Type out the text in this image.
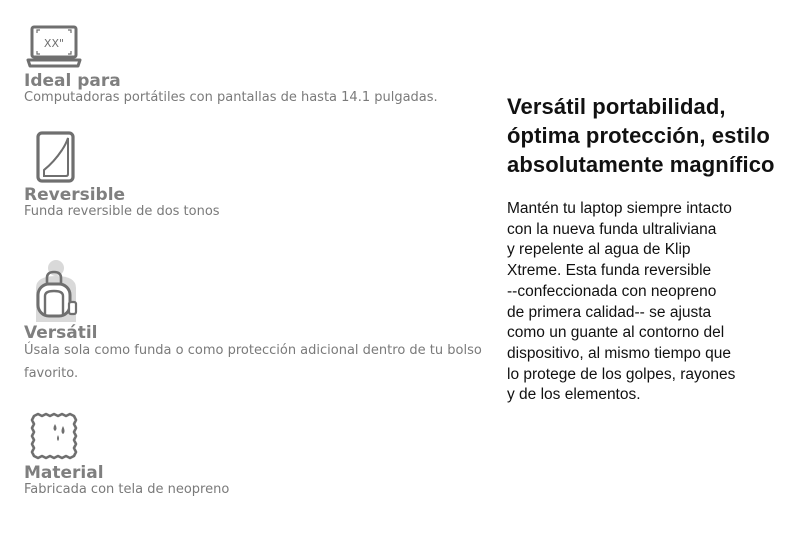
XX"
Ideal para
Computadoras portátiles con pantallas de hasta 14.1 pulgadas.
Reversible
Funda reversible de dos tonos
Versátil
Úsala sola como funda o como protección adicional dentro de tu bolso favorito.
Material
Fabricada con tela de neopreno
Versátil portabilidad, óptima protección, estilo absolutamente magnífico
Mantén tu laptop siempre intacto
con la nueva funda ultraliviana
y repelente al agua de Klip
Xtreme. Esta funda reversible
--confeccionada con neopreno
de primera calidad-- se ajusta
como un guante al contorno del
dispositivo, al mismo tiempo que
lo protege de los golpes, rayones
y de los elementos.
